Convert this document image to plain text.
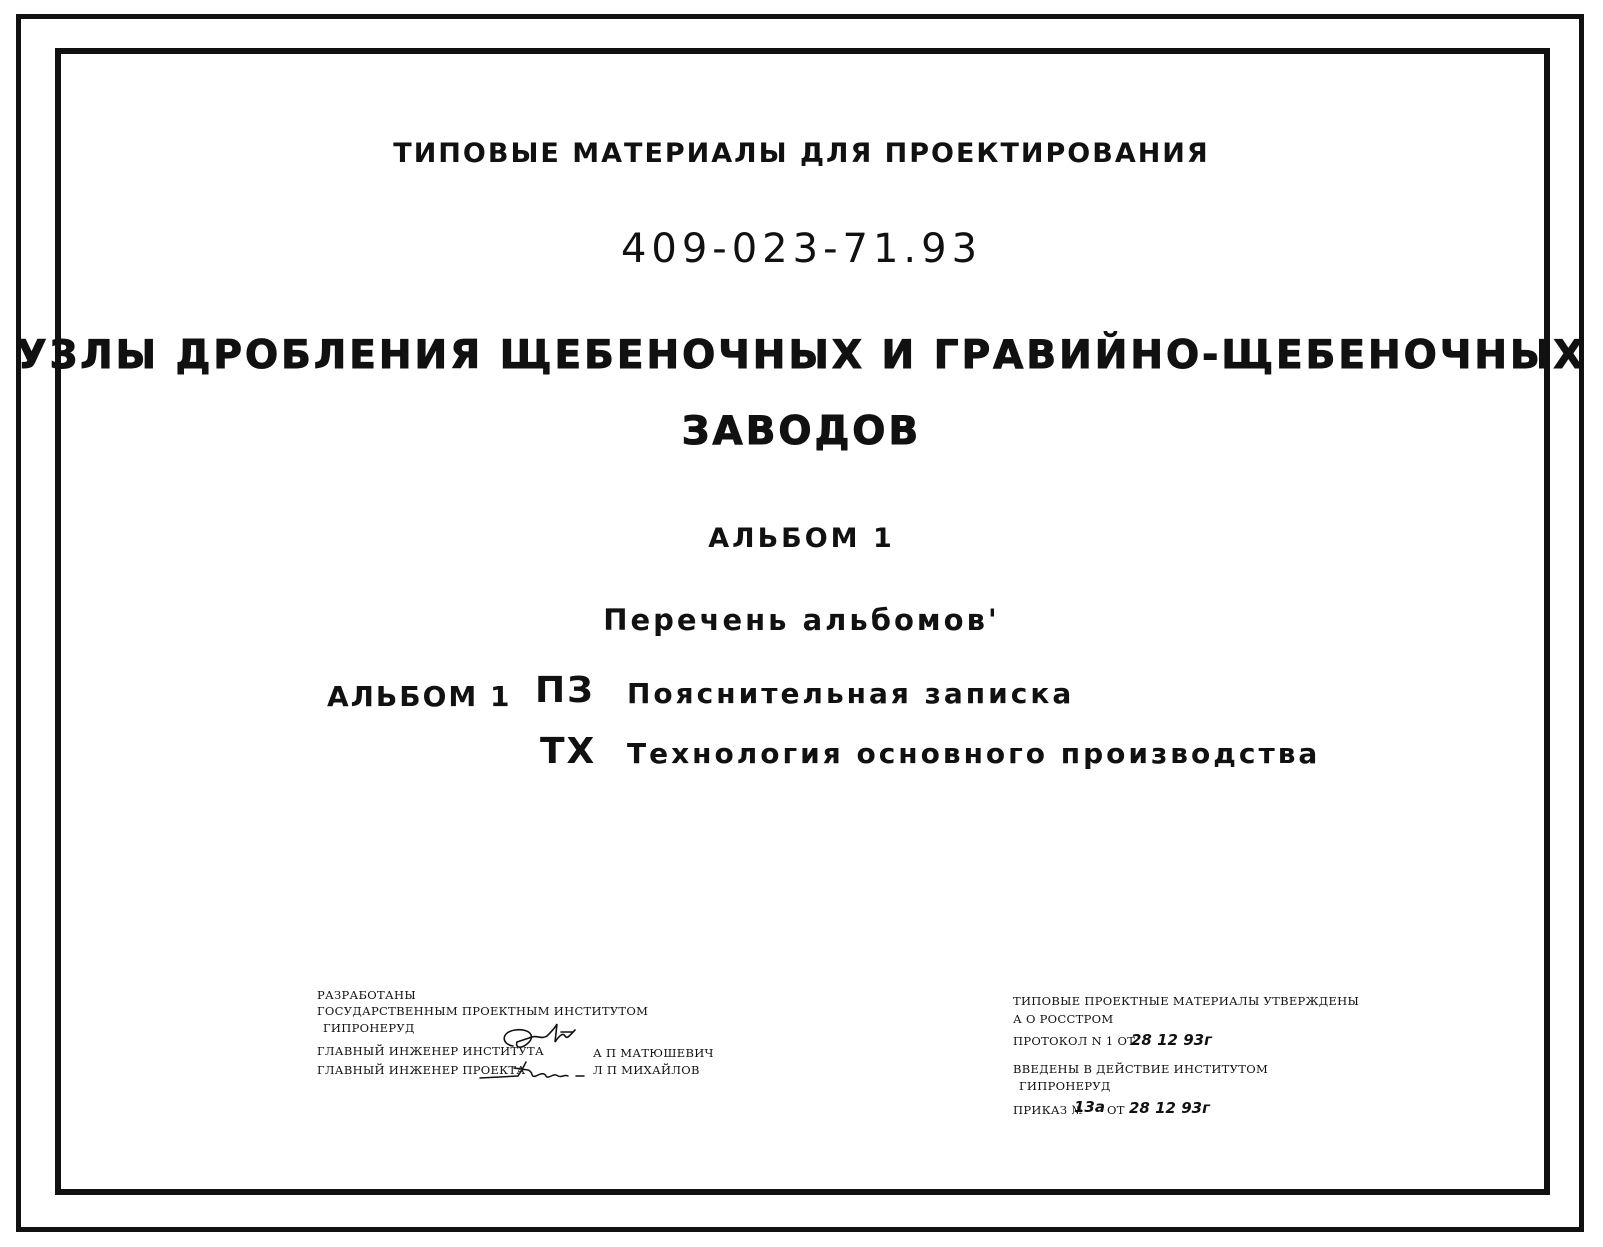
ТИПОВЫЕ МАТЕРИАЛЫ ДЛЯ ПРОЕКТИРОВАНИЯ
409-023-71.93
УЗЛЫ ДРОБЛЕНИЯ ЩЕБЕНОЧНЫХ И ГРАВИЙНО-ЩЕБЕНОЧНЫХ
ЗАВОДОВ
АЛЬБОМ 1
Перечень альбомов'
АЛЬБОМ 1 ПЗ Пояснительная записка
ТХ Технология основного производства
РАЗРАБОТАНЫ
ГОСУДАРСТВЕННЫМ ПРОЕКТНЫМ ИНСТИТУТОМ
ГИПРОНЕРУД
ГЛАВНЫЙ ИНЖЕНЕР ИНСТИТУТА	А П МАТЮШЕВИЧ
ГЛАВНЫЙ ИНЖЕНЕР ПРОЕКТА	Л П МИХАЙЛОВ
ТИПОВЫЕ ПРОЕКТНЫЕ МАТЕРИАЛЫ УТВЕРЖДЕНЫ
А О РОССТРОМ
ПРОТОКОЛ N 1 ОТ
28 12 93г
ВВЕДЕНЫ В ДЕЙСТВИЕ ИНСТИТУТОМ
ГИПРОНЕРУД
ПРИКАЗ №
13а ОТ 28 12 93г
